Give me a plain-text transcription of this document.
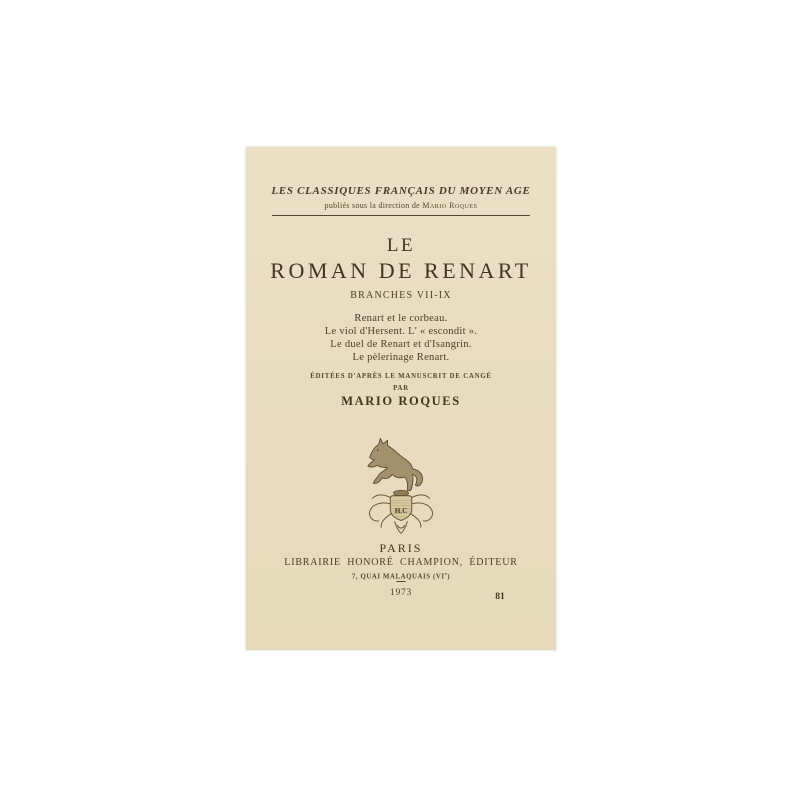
LES CLASSIQUES FRANÇAIS DU MOYEN AGE
publiés sous la direction de Mario Roques
LE
ROMAN DE RENART
BRANCHES VII-IX
Renart et le corbeau.
Le viol d'Hersent. L' « escondit ».
Le duel de Renart et d'Isangrin.
Le pèlerinage Renart.
ÉDITÉES D'APRÈS LE MANUSCRIT DE CANGÉ
PAR
MARIO ROQUES
H.C
PARIS
LIBRAIRIE HONORÉ CHAMPION, ÉDITEUR
7, QUAI MALAQUAIS (VIe)
1973	81
